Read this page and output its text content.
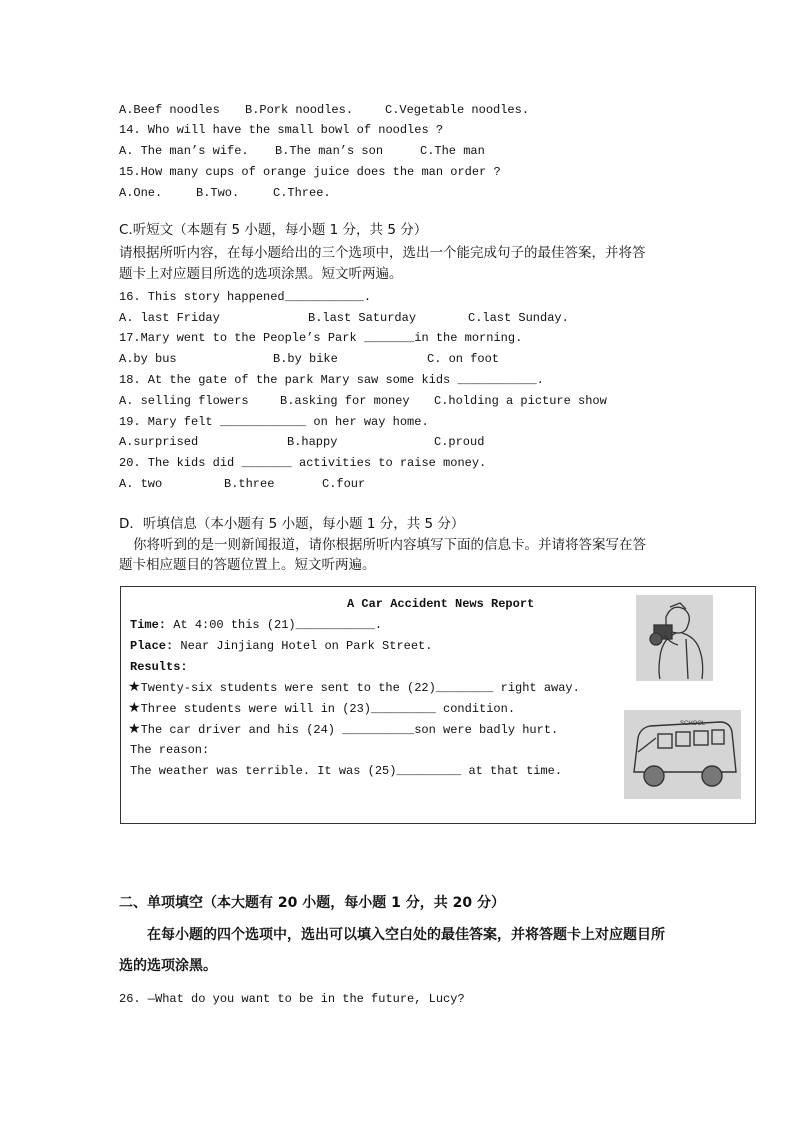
A.Beef noodles B.Pork noodles.	C.Vegetable noodles.
14. Who will have the small bowl of noodles ?
A. The man’s wife. B.The man’s son	C.The man
15.How many cups of orange juice does the man order ?
A.One.	B.Two.	C.Three.
C.听短文（本题有 5 小题，每小题 1 分，共 5 分）
请根据所听内容，在每小题给出的三个选项中，选出一个能完成句子的最佳答案，并将答
题卡上对应题目所选的选项涂黑。短文听两遍。
16. This story happened___________.
A. last Friday	B.last Saturday	C.last Sunday.
17.Mary went to the People’s Park _______in the morning.
A.by bus	B.by bike	C. on foot
18. At the gate of the park Mary saw some kids ___________.
A. selling flowers	B.asking for money C.holding a picture show
19. Mary felt ____________ on her way home.
A.surprised	B.happy	C.proud
20. The kids did _______ activities to raise money.
A. two	B.three	C.four
D．听填信息（本小题有 5 小题，每小题 1 分，共 5 分）
你将听到的是一则新闻报道，请你根据所听内容填写下面的信息卡。并请将答案写在答
题卡相应题目的答题位置上。短文听两遍。
A Car Accident News Report
Time: At 4:00 this (21)___________.
Place: Near Jinjiang Hotel on Park Street.
Results:
★Twenty-six students were sent to the (22)________ right away.
★Three students were will in (23)_________ condition.
★The car driver and his (24) __________son were badly hurt.
The reason:
The weather was terrible. It was (25)_________ at that time.
SCHOOL
二、单项填空（本大题有 20 小题，每小题 1 分，共 20 分）
在每小题的四个选项中，选出可以填入空白处的最佳答案，并将答题卡上对应题目所
选的选项涂黑。
26. —What do you want to be in the future, Lucy?
